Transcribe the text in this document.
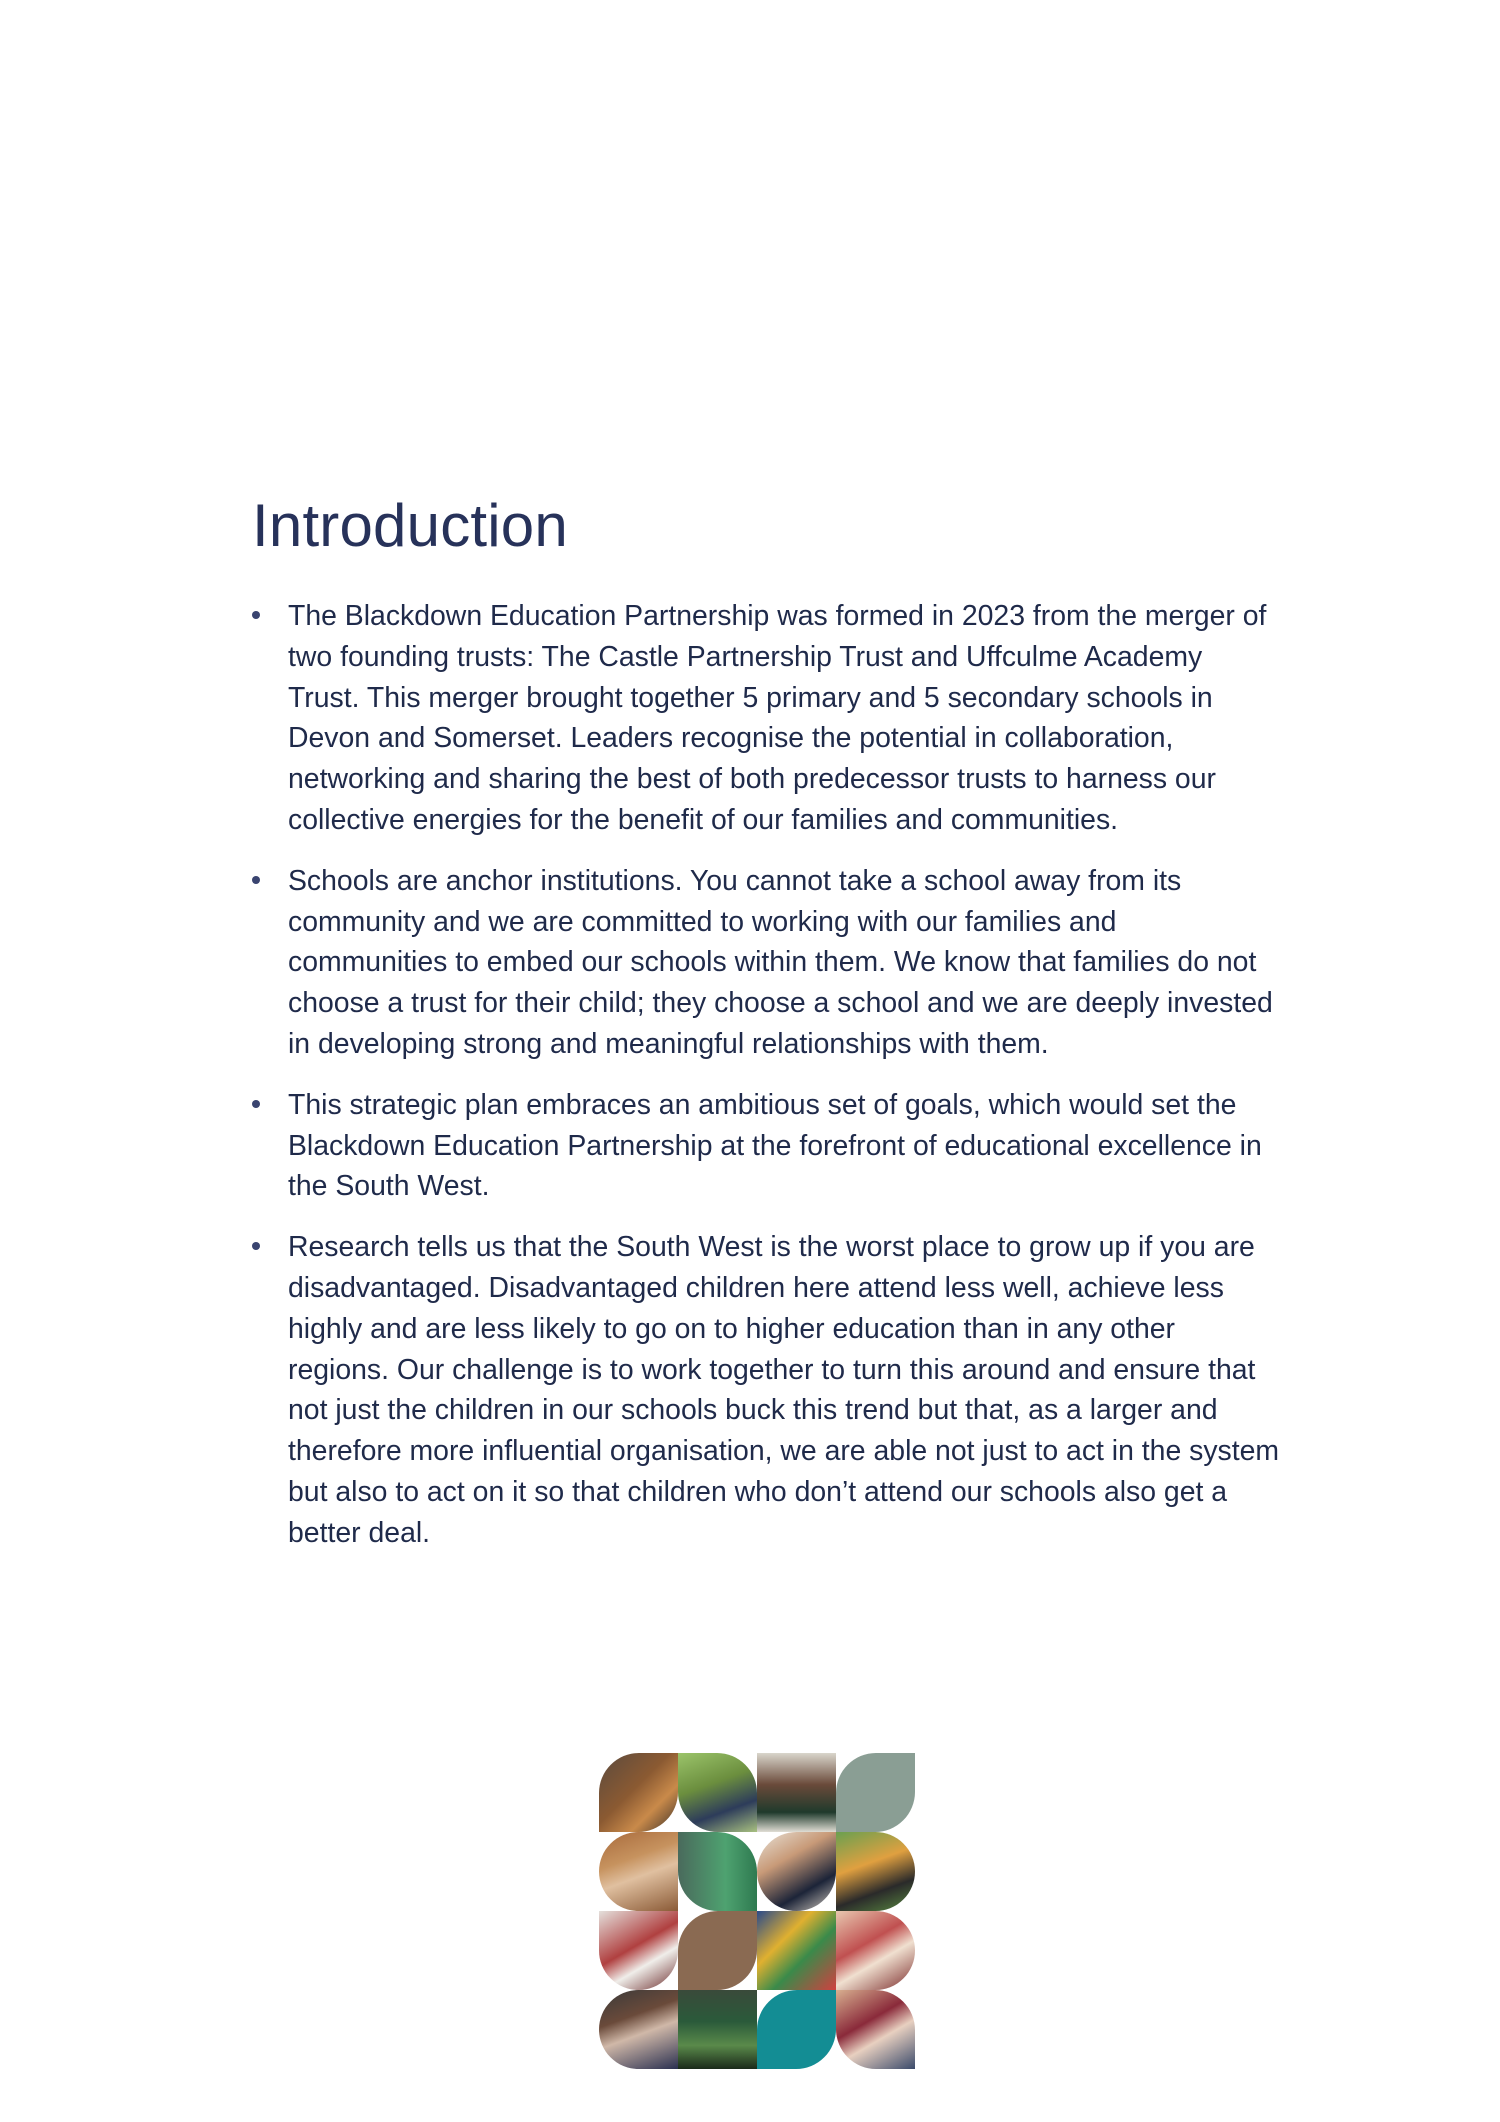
Introduction
The Blackdown Education Partnership was formed in 2023 from the merger of two founding trusts: The Castle Partnership Trust and Uffculme Academy Trust. This merger brought together 5 primary and 5 secondary schools in Devon and Somerset. Leaders recognise the potential in collaboration, networking and sharing the best of both predecessor trusts to harness our collective energies for the benefit of our families and communities.
Schools are anchor institutions. You cannot take a school away from its community and we are committed to working with our families and communities to embed our schools within them. We know that families do not choose a trust for their child; they choose a school and we are deeply invested in developing strong and meaningful relationships with them.
This strategic plan embraces an ambitious set of goals, which would set the Blackdown Education Partnership at the forefront of educational excellence in the South West.
Research tells us that the South West is the worst place to grow up if you are disadvantaged. Disadvantaged children here attend less well, achieve less highly and are less likely to go on to higher education than in any other regions. Our challenge is to work together to turn this around and ensure that not just the children in our schools buck this trend but that, as a larger and therefore more influential organisation, we are able not just to act in the system but also to act on it so that children who don’t attend our schools also get a better deal.
